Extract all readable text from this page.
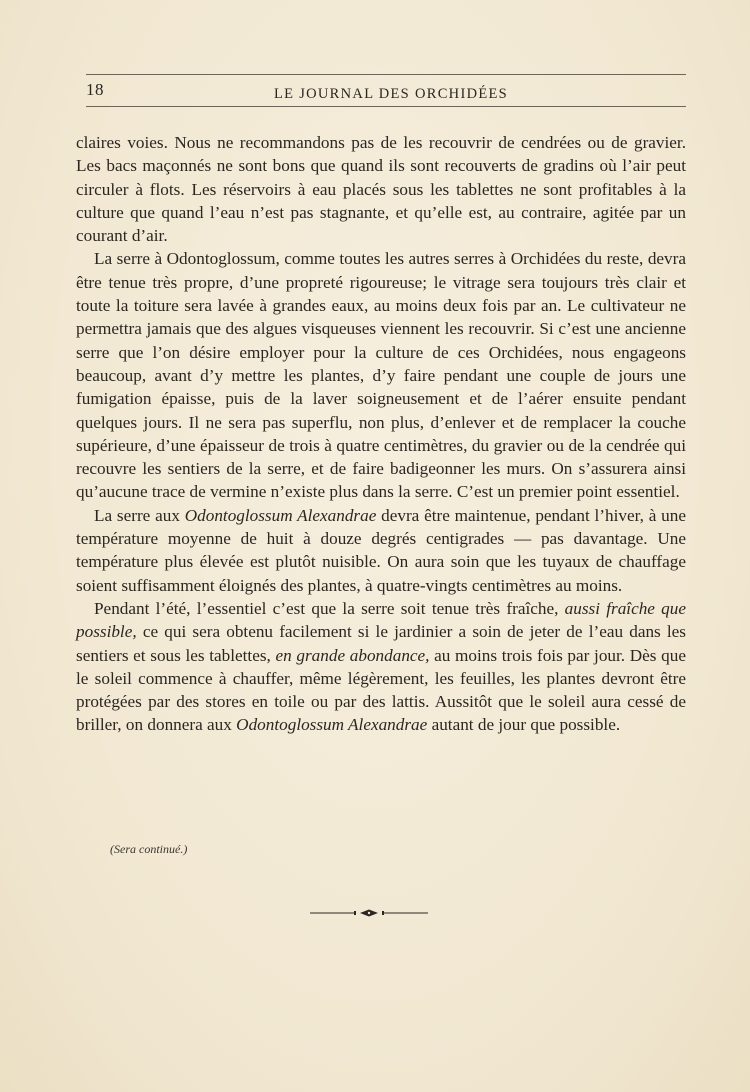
18	LE JOURNAL DES ORCHIDÉES

claires voies. Nous ne recommandons pas de les recouvrir de cendrées ou de gravier. Les bacs maçonnés ne sont bons que quand ils sont recouverts de gradins où l’air peut circuler à flots. Les réservoirs à eau placés sous les tablettes ne sont profitables à la culture que quand l’eau n’est pas stagnante, et qu’elle est, au contraire, agitée par un courant d’air.

La serre à Odontoglossum, comme toutes les autres serres à Orchidées du reste, devra être tenue très propre, d’une propreté rigoureuse; le vitrage sera toujours très clair et toute la toiture sera lavée à grandes eaux, au moins deux fois par an. Le cultivateur ne permettra jamais que des algues visqueuses viennent les recouvrir. Si c’est une ancienne serre que l’on désire employer pour la culture de ces Orchidées, nous engageons beaucoup, avant d’y mettre les plantes, d’y faire pendant une couple de jours une fumigation épaisse, puis de la laver soigneusement et de l’aérer ensuite pendant quelques jours. Il ne sera pas superflu, non plus, d’enlever et de remplacer la couche supérieure, d’une épaisseur de trois à quatre centimètres, du gravier ou de la cendrée qui recouvre les sentiers de la serre, et de faire badigeonner les murs. On s’assurera ainsi qu’aucune trace de vermine n’existe plus dans la serre. C’est un premier point essentiel.

La serre aux Odontoglossum Alexandrae devra être maintenue, pendant l’hiver, à une température moyenne de huit à douze degrés centigrades — pas davantage. Une température plus élevée est plutôt nuisible. On aura soin que les tuyaux de chauffage soient suffisamment éloignés des plantes, à quatre-vingts centimètres au moins.

Pendant l’été, l’essentiel c’est que la serre soit tenue très fraîche, aussi fraîche que possible, ce qui sera obtenu facilement si le jardinier a soin de jeter de l’eau dans les sentiers et sous les tablettes, en grande abondance, au moins trois fois par jour. Dès que le soleil commence à chauffer, même légèrement, les feuilles, les plantes devront être protégées par des stores en toile ou par des lattis. Aussitôt que le soleil aura cessé de briller, on donnera aux Odontoglossum Alexandrae autant de jour que possible.

(Sera continué.)
